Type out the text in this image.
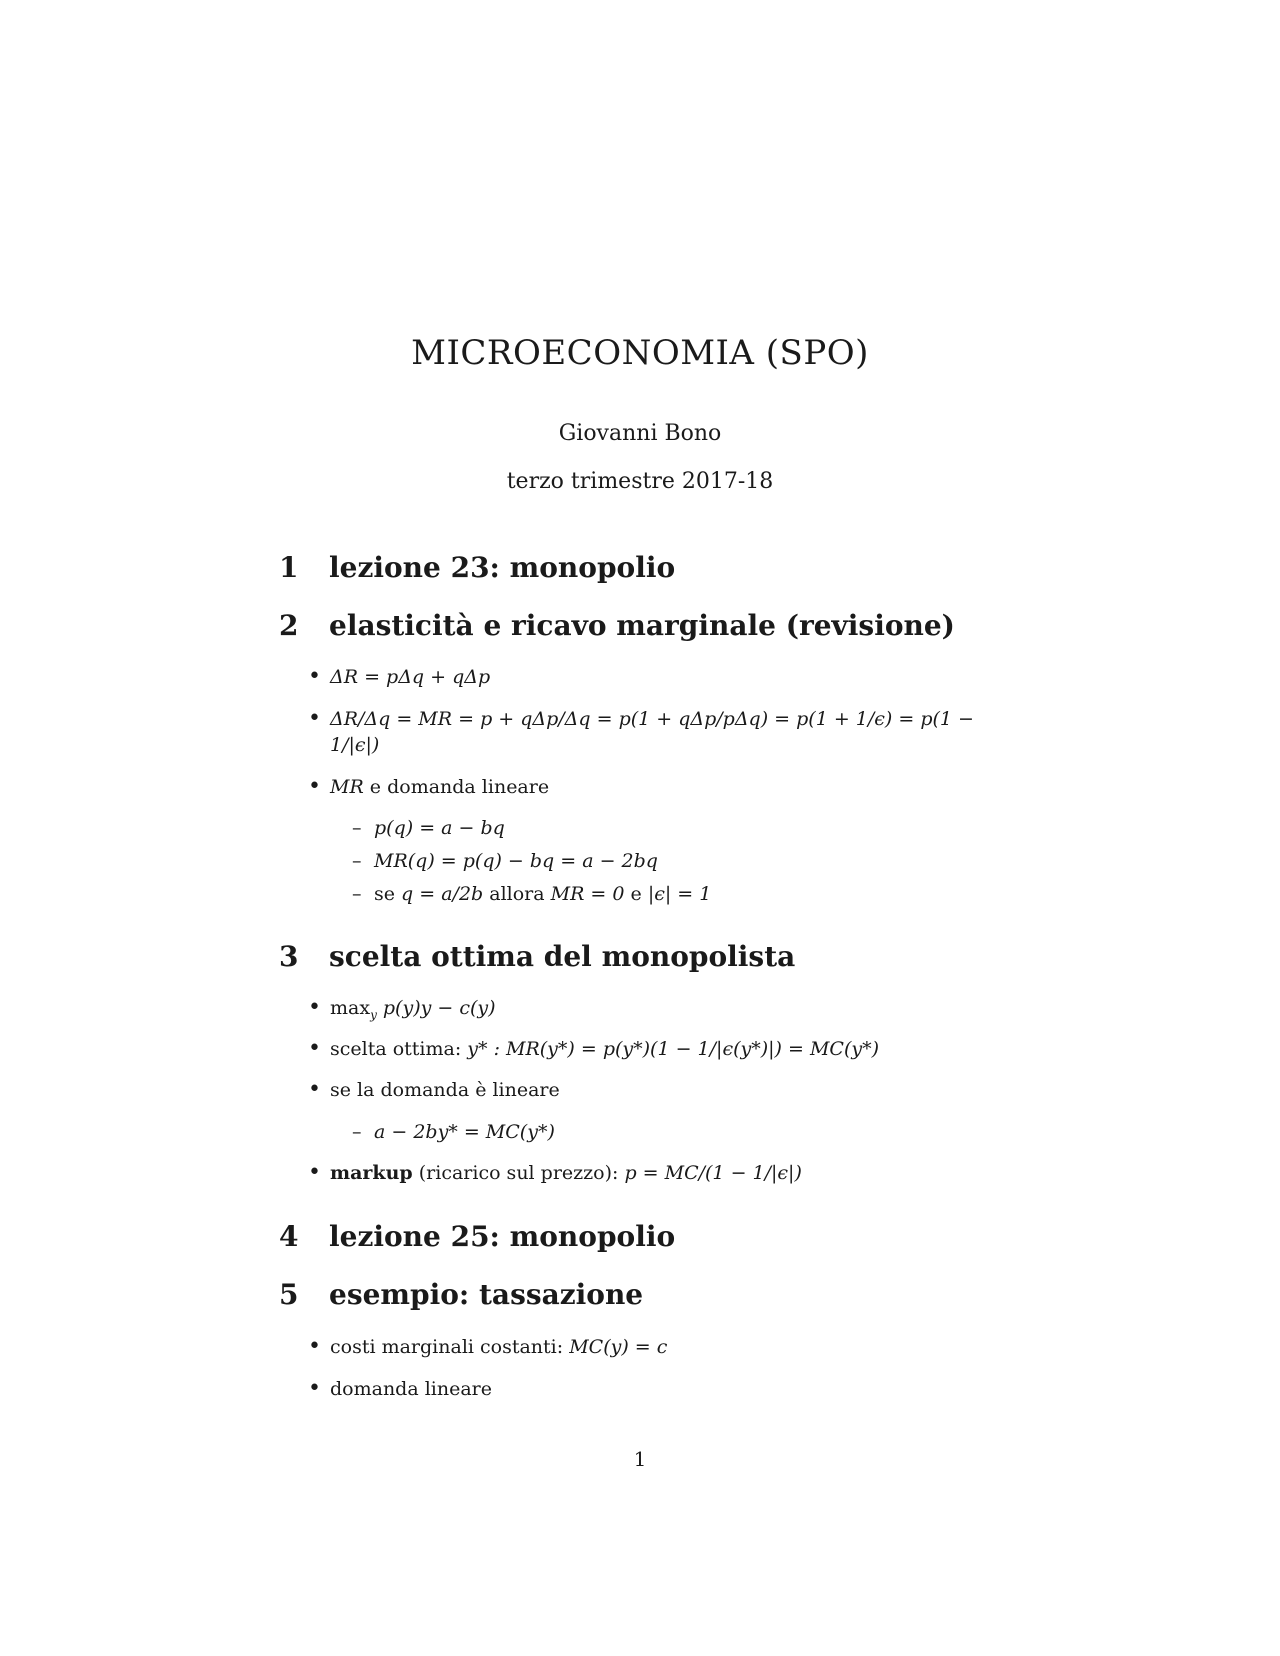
MICROECONOMIA (SPO)
Giovanni Bono
terzo trimestre 2017-18
1 lezione 23: monopolio
2 elasticità e ricavo marginale (revisione)
• ΔR = pΔq + qΔp
• ΔR/Δq = MR = p + qΔp/Δq = p(1 + qΔp/pΔq) = p(1 + 1/ϵ) = p(1 −
1/|ϵ|)
• MR e domanda lineare
– p(q) = a − bq
– MR(q) = p(q) − bq = a − 2bq
– se q = a/2b allora MR = 0 e |ϵ| = 1
3 scelta ottima del monopolista
• $\max_y p(y)y - c(y)$
• scelta ottima: y* : MR(y*) = p(y*)(1 − 1/|ϵ(y*)|) = MC(y*)
• se la domanda è lineare
– a − 2by* = MC(y*)
• markup (ricarico sul prezzo): p = MC/(1 − 1/|ϵ|)
4 lezione 25: monopolio
5 esempio: tassazione
• costi marginali costanti: MC(y) = c
• domanda lineare
1
